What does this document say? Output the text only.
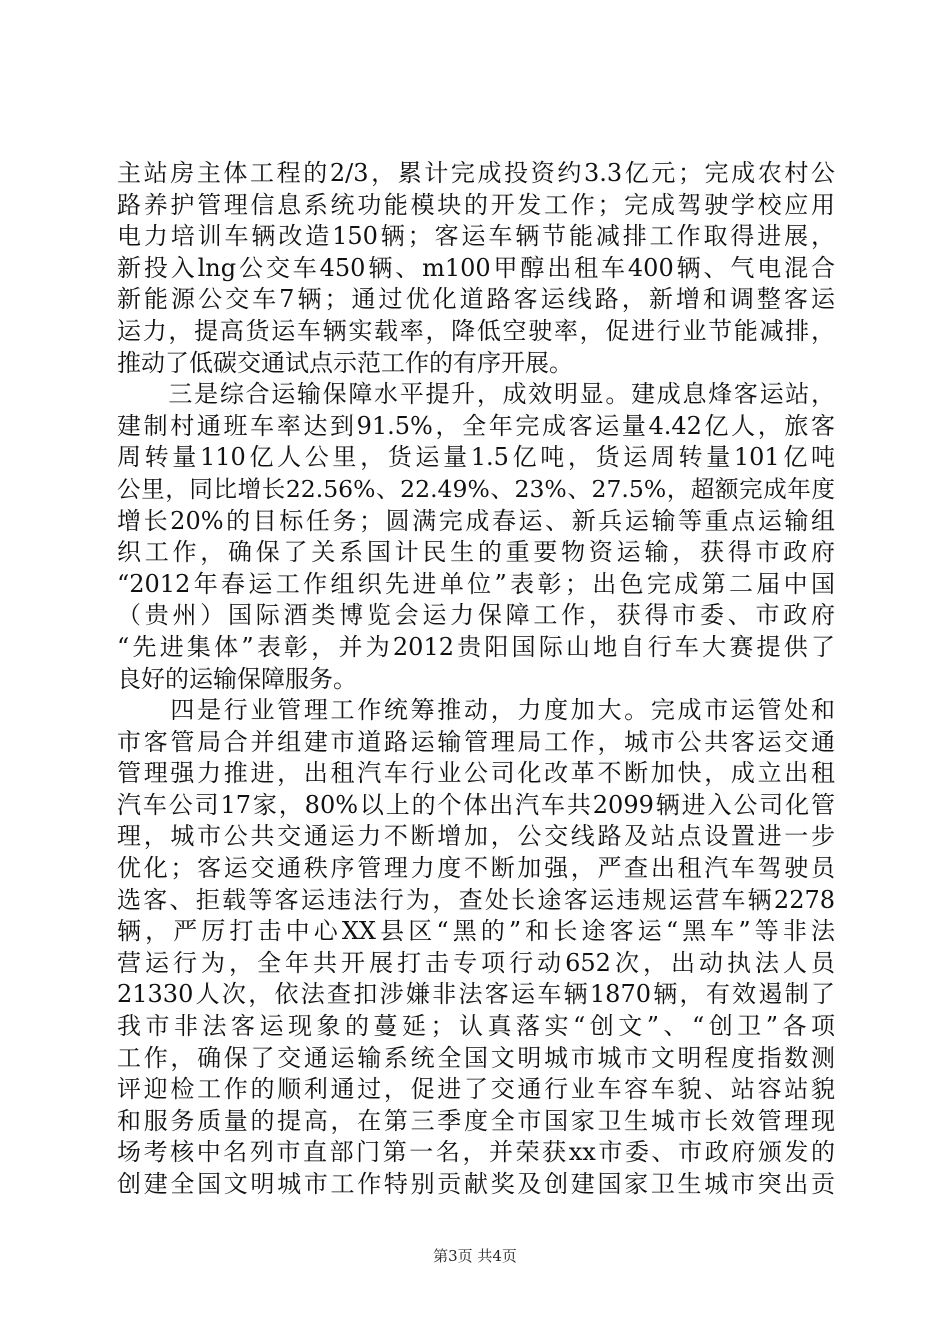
主站房主体工程的2/3，累计完成投资约3.3亿元；完成农村公
路养护管理信息系统功能模块的开发工作；完成驾驶学校应用
电力培训车辆改造150辆；客运车辆节能减排工作取得进展，
新投入lng公交车450辆、m100甲醇出租车400辆、气电混合
新能源公交车7辆；通过优化道路客运线路，新增和调整客运
运力，提高货运车辆实载率，降低空驶率，促进行业节能减排，
推动了低碳交通试点示范工作的有序开展。
　　三是综合运输保障水平提升，成效明显。建成息烽客运站，
建制村通班车率达到91.5%，全年完成客运量4.42亿人，旅客
周转量110亿人公里，货运量1.5亿吨，货运周转量101亿吨
公里，同比增长22.56%、22.49%、23%、27.5%，超额完成年度
增长20%的目标任务；圆满完成春运、新兵运输等重点运输组
织工作，确保了关系国计民生的重要物资运输，获得市政府
“2012年春运工作组织先进单位”表彰；出色完成第二届中国
（贵州）国际酒类博览会运力保障工作，获得市委、市政府
“先进集体”表彰，并为2012贵阳国际山地自行车大赛提供了
良好的运输保障服务。
　　四是行业管理工作统筹推动，力度加大。完成市运管处和
市客管局合并组建市道路运输管理局工作，城市公共客运交通
管理强力推进，出租汽车行业公司化改革不断加快，成立出租
汽车公司17家，80%以上的个体出汽车共2099辆进入公司化管
理，城市公共交通运力不断增加，公交线路及站点设置进一步
优化；客运交通秩序管理力度不断加强，严查出租汽车驾驶员
选客、拒载等客运违法行为，查处长途客运违规运营车辆2278
辆，严厉打击中心XX县区“黑的”和长途客运“黑车”等非法
营运行为，全年共开展打击专项行动652次，出动执法人员
21330人次，依法查扣涉嫌非法客运车辆1870辆，有效遏制了
我市非法客运现象的蔓延；认真落实“创文”、“创卫”各项
工作，确保了交通运输系统全国文明城市城市文明程度指数测
评迎检工作的顺利通过，促进了交通行业车容车貌、站容站貌
和服务质量的提高，在第三季度全市国家卫生城市长效管理现
场考核中名列市直部门第一名，并荣获xx市委、市政府颁发的
创建全国文明城市工作特别贡献奖及创建国家卫生城市突出贡
第3页 共4页
